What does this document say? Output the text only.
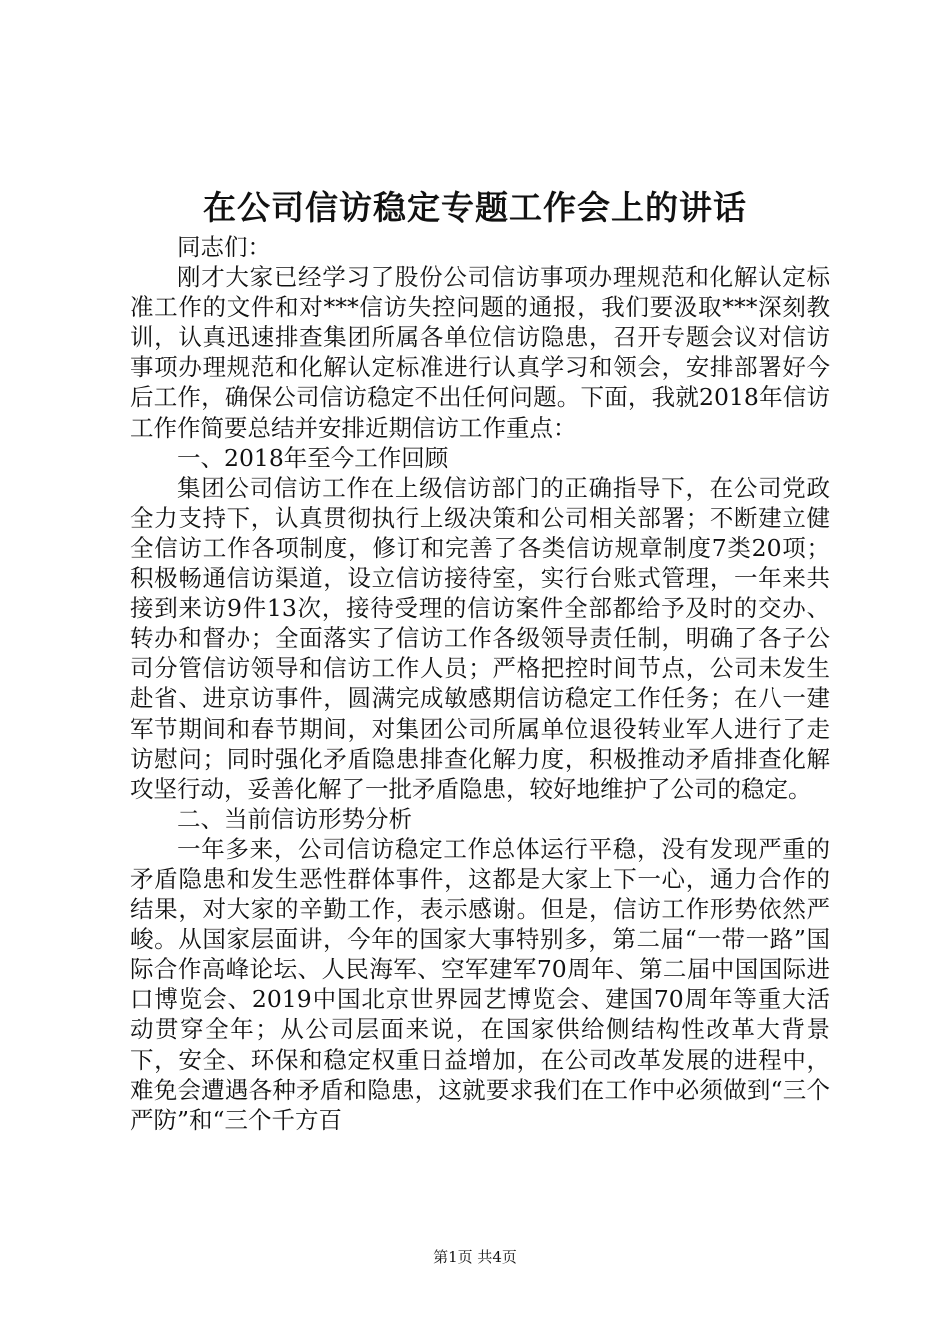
在公司信访稳定专题工作会上的讲话

同志们：

刚才大家已经学习了股份公司信访事项办理规范和化解认定标准工作的文件和对***信访失控问题的通报，我们要汲取***深刻教训，认真迅速排查集团所属各单位信访隐患，召开专题会议对信访事项办理规范和化解认定标准进行认真学习和领会，安排部署好今后工作，确保公司信访稳定不出任何问题。下面，我就2018年信访工作作简要总结并安排近期信访工作重点：

一、2018年至今工作回顾

集团公司信访工作在上级信访部门的正确指导下，在公司党政全力支持下，认真贯彻执行上级决策和公司相关部署；不断建立健全信访工作各项制度，修订和完善了各类信访规章制度7类20项；积极畅通信访渠道，设立信访接待室，实行台账式管理，一年来共接到来访9件13次，接待受理的信访案件全部都给予及时的交办、转办和督办；全面落实了信访工作各级领导责任制，明确了各子公司分管信访领导和信访工作人员；严格把控时间节点，公司未发生赴省、进京访事件，圆满完成敏感期信访稳定工作任务；在八一建军节期间和春节期间，对集团公司所属单位退役转业军人进行了走访慰问；同时强化矛盾隐患排查化解力度，积极推动矛盾排查化解攻坚行动，妥善化解了一批矛盾隐患，较好地维护了公司的稳定。

二、当前信访形势分析

一年多来，公司信访稳定工作总体运行平稳，没有发现严重的矛盾隐患和发生恶性群体事件，这都是大家上下一心，通力合作的结果，对大家的辛勤工作，表示感谢。但是，信访工作形势依然严峻。从国家层面讲，今年的国家大事特别多，第二届“一带一路”国际合作高峰论坛、人民海军、空军建军70周年、第二届中国国际进口博览会、2019中国北京世界园艺博览会、建国70周年等重大活动贯穿全年；从公司层面来说，在国家供给侧结构性改革大背景下，安全、环保和稳定权重日益增加，在公司改革发展的进程中，难免会遭遇各种矛盾和隐患，这就要求我们在工作中必须做到“三个严防”和“三个千方百

第1页 共4页
